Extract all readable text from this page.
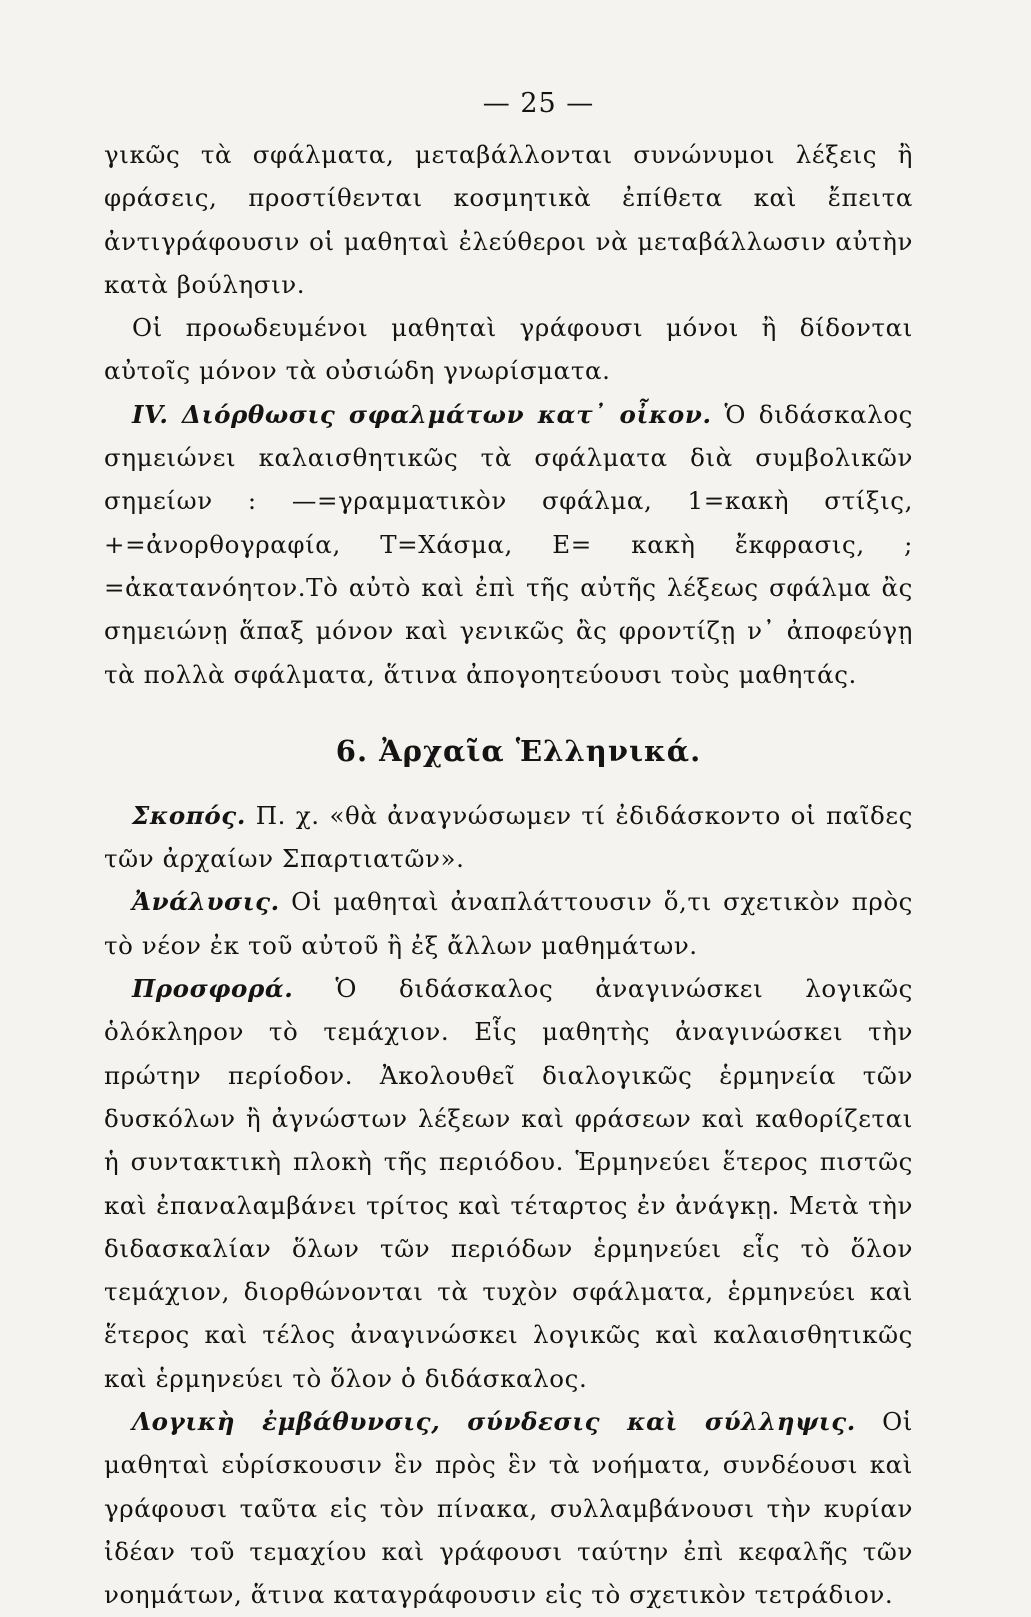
— 25 —

γικῶς τὰ σφάλματα, μεταβάλλονται συνώνυμοι λέξεις ἢ φράσεις, προστίθενται κοσμητικὰ ἐπίθετα καὶ ἔπειτα ἀντιγράφουσιν οἱ μαθηταὶ ἐλεύθεροι νὰ μεταβάλλωσιν αὐτὴν κατὰ βούλησιν.

Οἱ προωδευμένοι μαθηταὶ γράφουσι μόνοι ἢ δίδονται αὐτοῖς μόνον τὰ οὐσιώδη γνωρίσματα.

IV. Διόρθωσις σφαλμάτων κατ᾽ οἶκον. Ὁ διδάσκαλος σημειώνει καλαισθητικῶς τὰ σφάλματα διὰ συμβολικῶν σημείων : —=γραμματικὸν σφάλμα, 1=κακὴ στίξις, +=ἀνορθογραφία, Τ=Χάσμα, Ε= κακὴ ἔκφρασις, ; =ἀκατανόητον.Τὸ αὐτὸ καὶ ἐπὶ τῆς αὐτῆς λέξεως σφάλμα ἂς σημειώνῃ ἅπαξ μόνον καὶ γενικῶς ἂς φροντίζῃ ν᾽ ἀποφεύγῃ τὰ πολλὰ σφάλματα, ἅτινα ἀπογοητεύουσι τοὺς μαθητάς.

6. Ἀρχαῖα Ἑλληνικά.

Σκοπός. Π. χ. «θὰ ἀναγνώσωμεν τί ἐδιδάσκοντο οἱ παῖδες τῶν ἀρχαίων Σπαρτιατῶν».

Ἀνάλυσις. Οἱ μαθηταὶ ἀναπλάττουσιν ὅ,τι σχετικὸν πρὸς τὸ νέον ἐκ τοῦ αὐτοῦ ἢ ἐξ ἄλλων μαθημάτων.

Προσφορά. Ὁ διδάσκαλος ἀναγινώσκει λογικῶς ὁλόκληρον τὸ τεμάχιον. Εἷς μαθητὴς ἀναγινώσκει τὴν πρώτην περίοδον. Ἀκολουθεῖ διαλογικῶς ἑρμηνεία τῶν δυσκόλων ἢ ἀγνώστων λέξεων καὶ φράσεων καὶ καθορίζεται ἡ συντακτικὴ πλοκὴ τῆς περιόδου. Ἑρμηνεύει ἕτερος πιστῶς καὶ ἐπαναλαμβάνει τρίτος καὶ τέταρτος ἐν ἀνάγκῃ. Μετὰ τὴν διδασκαλίαν ὅλων τῶν περιόδων ἑρμηνεύει εἷς τὸ ὅλον τεμάχιον, διορθώνονται τὰ τυχὸν σφάλματα, ἑρμηνεύει καὶ ἕτερος καὶ τέλος ἀναγινώσκει λογικῶς καὶ καλαισθητικῶς καὶ ἑρμηνεύει τὸ ὅλον ὁ διδάσκαλος.

Λογικὴ ἐμβάθυνσις, σύνδεσις καὶ σύλληψις. Οἱ μαθηταὶ εὑρίσκουσιν ἓν πρὸς ἓν τὰ νοήματα, συνδέουσι καὶ γράφουσι ταῦτα εἰς τὸν πίνακα, συλλαμβάνουσι τὴν κυρίαν ἰδέαν τοῦ τεμαχίου καὶ γράφουσι ταύτην ἐπὶ κεφαλῆς τῶν νοημάτων, ἅτινα καταγράφουσιν εἰς τὸ σχετικὸν τετράδιον.
